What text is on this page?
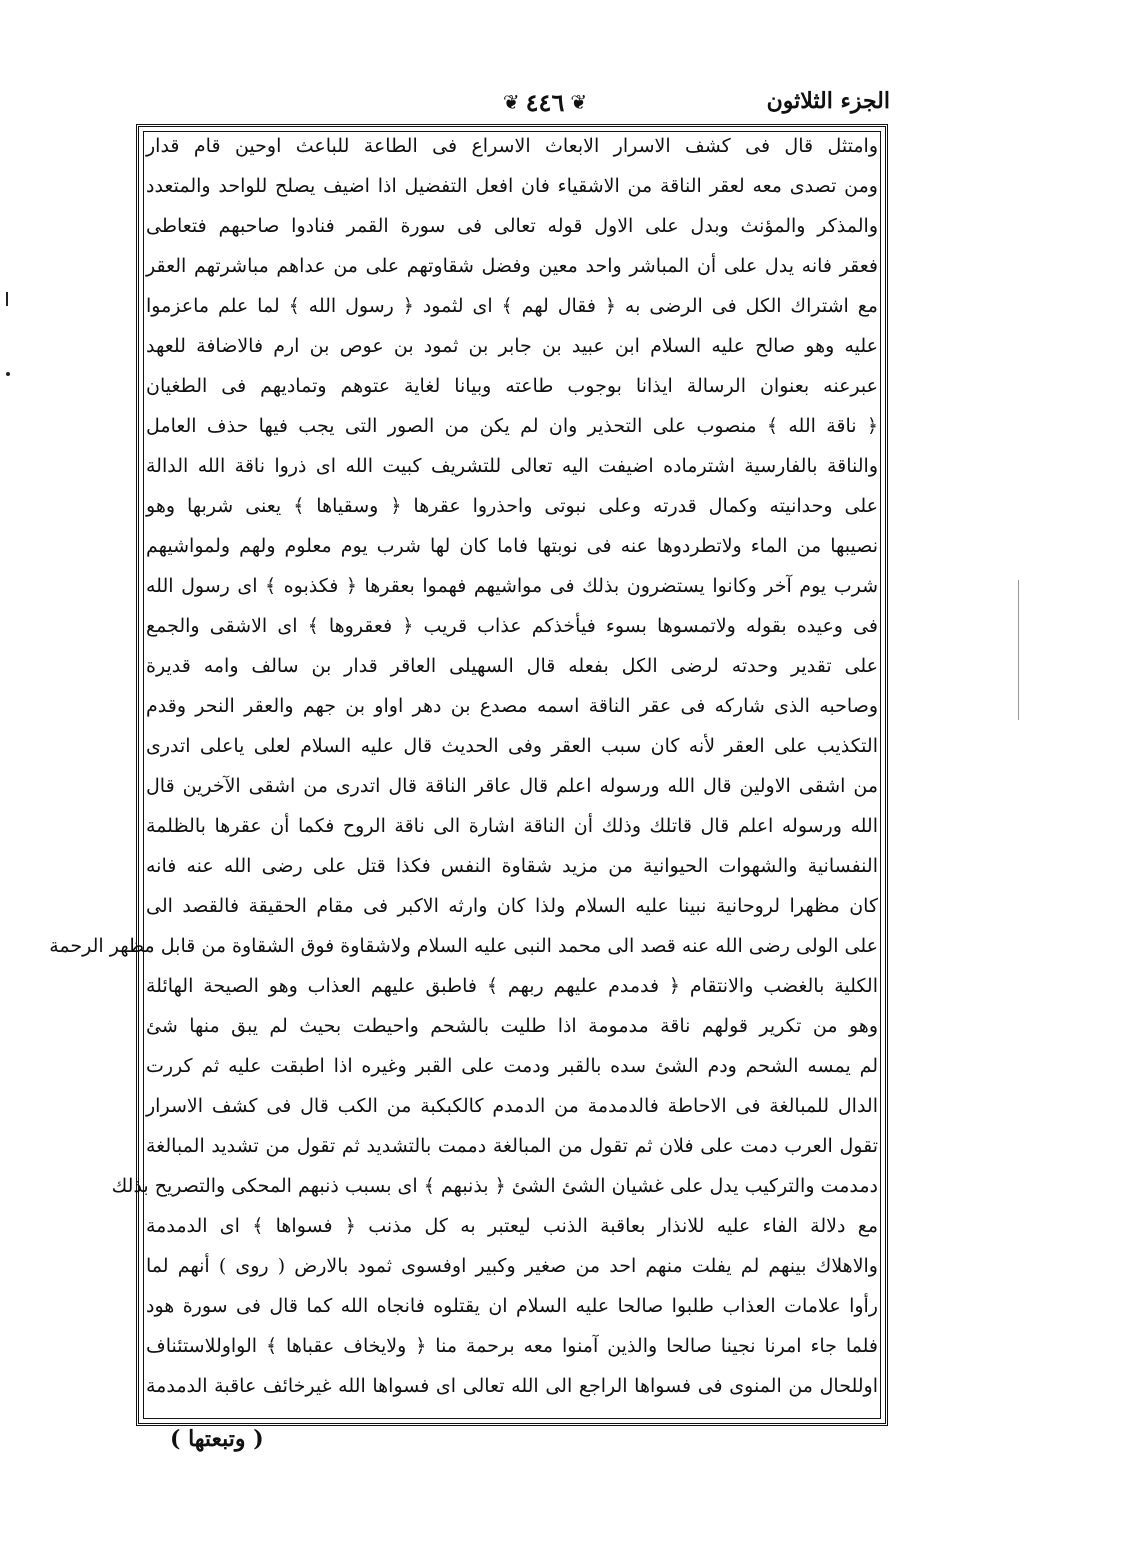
❦ ٤٤٦ ❦	الجزء الثلاثون
وامتثل قال فى كشف الاسرار الابعاث الاسراع فى الطاعة للباعث اوحين قام قدار
ومن تصدى معه لعقر الناقة من الاشقياء فان افعل التفضيل اذا اضيف يصلح للواحد والمتعدد
والمذكر والمؤنث وبدل على الاول قوله تعالى فى سورة القمر فنادوا صاحبهم فتعاطى
فعقر فانه يدل على أن المباشر واحد معين وفضل شقاوتهم على من عداهم مباشرتهم العقر
مع اشتراك الكل فى الرضى به ﴿ فقال لهم ﴾ اى لثمود ﴿ رسول الله ﴾ لما علم ماعزموا
عليه وهو صالح عليه السلام ابن عبيد بن جابر بن ثمود بن عوص بن ارم فالاضافة للعهد
عبرعنه بعنوان الرسالة ايذانا بوجوب طاعته وبيانا لغاية عتوهم وتماديهم فى الطغيان
﴿ ناقة الله ﴾ منصوب على التحذير وان لم يكن من الصور التى يجب فيها حذف العامل
والناقة بالفارسية اشترماده اضيفت اليه تعالى للتشريف كبيت الله اى ذروا ناقة الله الدالة
على وحدانيته وكمال قدرته وعلى نبوتى واحذروا عقرها ﴿ وسقياها ﴾ يعنى شربها وهو
نصيبها من الماء ولاتطردوها عنه فى نوبتها فاما كان لها شرب يوم معلوم ولهم ولمواشيهم
شرب يوم آخر وكانوا يستضرون بذلك فى مواشيهم فهموا بعقرها ﴿ فكذبوه ﴾ اى رسول الله
فى وعيده بقوله ولاتمسوها بسوء فيأخذكم عذاب قريب ﴿ فعقروها ﴾ اى الاشقى والجمع
على تقدير وحدته لرضى الكل بفعله قال السهيلى العاقر قدار بن سالف وامه قديرة
وصاحبه الذى شاركه فى عقر الناقة اسمه مصدع بن دهر اواو بن جهم والعقر النحر وقدم
التكذيب على العقر لأنه كان سبب العقر وفى الحديث قال عليه السلام لعلى ياعلى اتدرى
من اشقى الاولين قال الله ورسوله اعلم قال عاقر الناقة قال اتدرى من اشقى الآخرين قال
الله ورسوله اعلم قال قاتلك وذلك أن الناقة اشارة الى ناقة الروح فكما أن عقرها بالظلمة
النفسانية والشهوات الحيوانية من مزيد شقاوة النفس فكذا قتل على رضى الله عنه فانه
كان مظهرا لروحانية نبينا عليه السلام ولذا كان وارثه الاكبر فى مقام الحقيقة فالقصد الى
على الولى رضى الله عنه قصد الى محمد النبى عليه السلام ولاشقاوة فوق الشقاوة من قابل مظهر الرحمة
الكلية بالغضب والانتقام ﴿ فدمدم عليهم ربهم ﴾ فاطبق عليهم العذاب وهو الصيحة الهائلة
وهو من تكرير قولهم ناقة مدمومة اذا طليت بالشحم واحيطت بحيث لم يبق منها شئ
لم يمسه الشحم ودم الشئ سده بالقبر ودمت على القبر وغيره اذا اطبقت عليه ثم كررت
الدال للمبالغة فى الاحاطة فالدمدمة من الدمدم كالكبكبة من الكب قال فى كشف الاسرار
تقول العرب دمت على فلان ثم تقول من المبالغة دممت بالتشديد ثم تقول من تشديد المبالغة
دمدمت والتركيب يدل على غشيان الشئ الشئ ﴿ بذنبهم ﴾ اى بسبب ذنبهم المحكى والتصريح بذلك
مع دلالة الفاء عليه للانذار بعاقبة الذنب ليعتبر به كل مذنب ﴿ فسواها ﴾ اى الدمدمة
والاهلاك بينهم لم يفلت منهم احد من صغير وكبير اوفسوى ثمود بالارض ( روى ) أنهم لما
رأوا علامات العذاب طلبوا صالحا عليه السلام ان يقتلوه فانجاه الله كما قال فى سورة هود
فلما جاء امرنا نجينا صالحا والذين آمنوا معه برحمة منا ﴿ ولايخاف عقباها ﴾ الواوللاستئناف
اوللحال من المنوى فى فسواها الراجع الى الله تعالى اى فسواها الله غيرخائف عاقبة الدمدمة
( وتبعتها )
